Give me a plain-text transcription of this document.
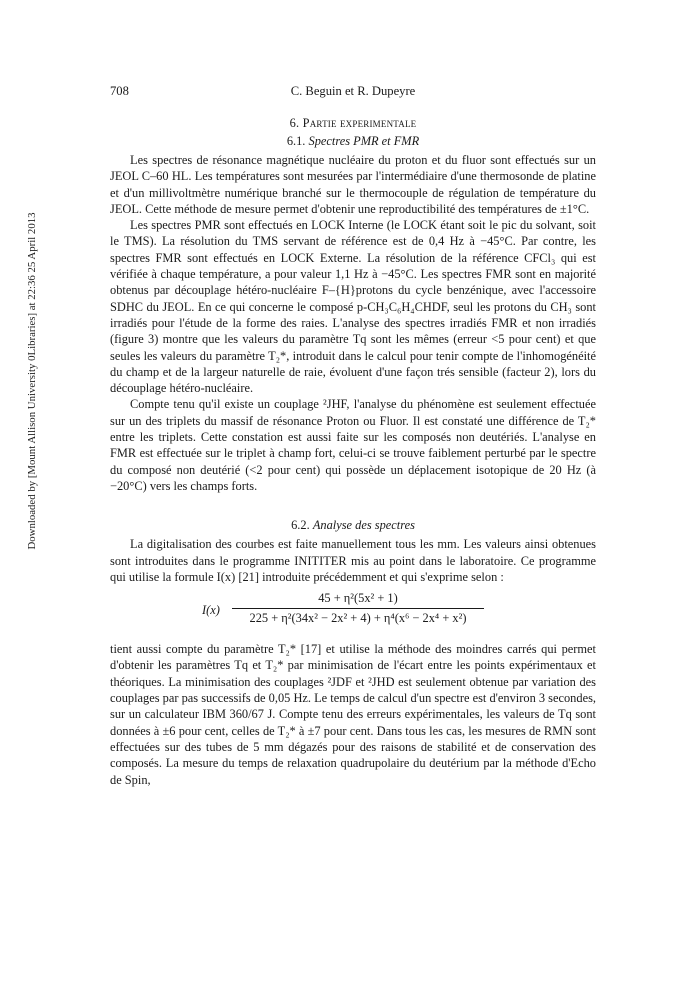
Downloaded by [Mount Allison University 0Libraries] at 22:36 25 April 2013
708	C. Beguin et R. Dupeyre
6. Partie experimentale
6.1. Spectres PMR et FMR

Les spectres de résonance magnétique nucléaire du proton et du fluor sont effectués sur un JEOL C–60 HL. Les températures sont mesurées par l'intermédiaire d'une thermosonde de platine et d'un millivoltmètre numérique branché sur le thermocouple de régulation de température du JEOL. Cette méthode de mesure permet d'obtenir une reproductibilité des températures de ±1°C.

Les spectres PMR sont effectués en LOCK Interne (le LOCK étant soit le pic du solvant, soit le TMS). La résolution du TMS servant de référence est de 0,4 Hz à −45°C. Par contre, les spectres FMR sont effectués en LOCK Externe. La résolution de la référence CFCl₃ qui est vérifiée à chaque température, a pour valeur 1,1 Hz à −45°C. Les spectres FMR sont en majorité obtenus par découplage hétéro-nucléaire F–{H}protons du cycle benzénique, avec l'accessoire SDHC du JEOL. En ce qui concerne le composé p-CH₃C₆H₄CHDF, seul les protons du CH₃ sont irradiés pour l'étude de la forme des raies. L'analyse des spectres irradiés FMR et non irradiés (figure 3) montre que les valeurs du paramètre Tq sont les mêmes (erreur <5 pour cent) et que seules les valeurs du paramètre T₂*, introduit dans le calcul pour tenir compte de l'inhomogénéité du champ et de la largeur naturelle de raie, évoluent d'une façon trés sensible (facteur 2), lors du découplage hétéro-nucléaire.

Compte tenu qu'il existe un couplage ²JHF, l'analyse du phénomène est seulement effectuée sur un des triplets du massif de résonance Proton ou Fluor. Il est constaté une différence de T₂* entre les triplets. Cette constation est aussi faite sur les composés non deutériés. L'analyse en FMR est effectuée sur le triplet à champ fort, celui-ci se trouve faiblement perturbé par le spectre du composé non deutérié (<2 pour cent) qui possède un déplacement isotopique de 20 Hz (à −20°C) vers les champs forts.

6.2. Analyse des spectres

La digitalisation des courbes est faite manuellement tous les mm. Les valeurs ainsi obtenues sont introduites dans le programme INITITER mis au point dans le laboratoire. Ce programme qui utilise la formule I(x) [21] introduite précédemment et qui s'exprime selon :

I(x)
45 + η²(5x² + 1)
225 + η²(34x² − 2x² + 4) + η⁴(x⁶ − 2x⁴ + x²)

tient aussi compte du paramètre T₂* [17] et utilise la méthode des moindres carrés qui permet d'obtenir les paramètres Tq et T₂* par minimisation de l'écart entre les points expérimentaux et théoriques. La minimisation des couplages ²JDF et ²JHD est seulement obtenue par variation des couplages par pas successifs de 0,05 Hz. Le temps de calcul d'un spectre est d'environ 3 secondes, sur un calculateur IBM 360/67 J. Compte tenu des erreurs expérimentales, les valeurs de Tq sont données à ±6 pour cent, celles de T₂* à ±7 pour cent. Dans tous les cas, les mesures de RMN sont effectuées sur des tubes de 5 mm dégazés pour des raisons de stabilité et de conservation des composés. La mesure du temps de relaxation quadrupolaire du deutérium par la méthode d'Echo de Spin,
